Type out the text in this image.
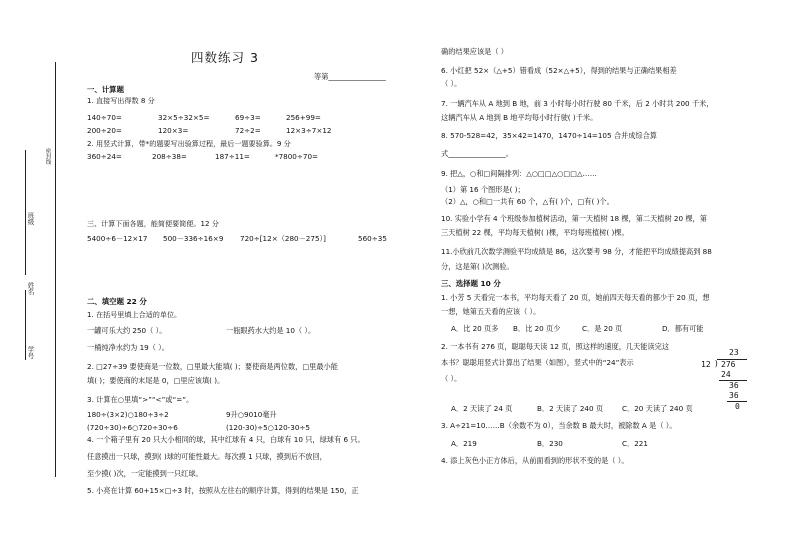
密封线
班级
姓名
学号
四数练习 3
等第________________
一、计算题
1. 直接写出得数 8 分
140÷70=	32×5÷32×5=	69÷3=	256+99=
200÷20=	120×3=	72÷2=	12×3÷7×12
2. 用竖式计算，带*的题要写出验算过程，最后一题要验算。9 分
360÷24=	208÷38=	187÷11=	*7800÷70=
三、计算下面各题，能简便要简便。12 分
5400÷6－12×17 500－336÷16×9 720÷[12×（280－275）]	560÷35
二、填空题 22 分
1. 在括号里填上合适的单位。
一罐可乐大约 250（ ）。	一瓶眼药水大约是 10（ ）。
一桶纯净水约为 19（ ）。
2. □27÷39 要使商是一位数，□里最大能填( )；要使商是两位数，□里最小能
填( )；要使商的末尾是 0，□里应该填( )。
3. 计算在○里填“>”“<”或“=”。
180÷(3×2)○180÷3÷2	9升○9010毫升
(720÷30)÷6○720÷30÷6	(120-30)÷5○120-30÷5
4. 一个箱子里有 20 只大小相同的球，其中红球有 4 只，白球有 10 只，绿球有 6 只。
任意摸出一只球，摸到( )球的可能性最大。每次摸 1 只球，摸到后不放回，
至少摸( )次，一定能摸到一只红球。
5. 小亮在计算 60+15×□÷3 时，按照从左往右的顺序计算，得到的结果是 150，正
确的结果应该是（ ）
6. 小红把 52×（△+5）错看成（52×△+5），得到的结果与正确结果相差
（ ）。
7. 一辆汽车从 A 地到 B 地，前 3 小时每小时行驶 80 千米，后 2 小时共 200 千米，
这辆汽车从 A 地到 B 地平均每小时行驶( )千米。
8. 570-528=42，35×42=1470，1470÷14=105 合并成综合算
式________________。
9. 把△，○和□间隔排列：△○□□△○□□△……
（1）第 16 个图形是( )；
（2）△，○和□一共有 60 个，△有( )个，□有( )个。
10. 实验小学有 4 个班级参加植树活动，第一天植树 18 棵，第二天植树 20 棵，第
三天植树 22 棵，平均每天植树( )棵，平均每班植树( )棵。
11.小欣前几次数学测验平均成绩是 86，这次要考 98 分，才能把平均成绩提高到 88
分，这是第( )次测验。
三、选择题 10 分
1. 小芳 5 天看完一本书，平均每天看了 20 页，她前四天每天看的都少于 20 页，想
一想，她第五天看的应该（ ）。
A．比 20 页多 B．比 20 页少	C．是 20 页	D．都有可能
2. 一本书有 276 页，聪聪每天读 12 页，照这样的速度，几天能读完这
本书？聪聪用竖式计算出了结果（如图），竖式中的“24”表示
（ ）。
A．2 天读了 24 页	B．2 天读了 240 页	C．20 天读了 240 页
3. A÷21=10……B（余数不为 0），当余数 B 最大时，被除数 A 是（ ）。
A．219	B．230	C．221
4. 添上灰色小正方体后，从前面看到的形状不变的是（ ）。
23
12 ) 276
24
36
36
0
